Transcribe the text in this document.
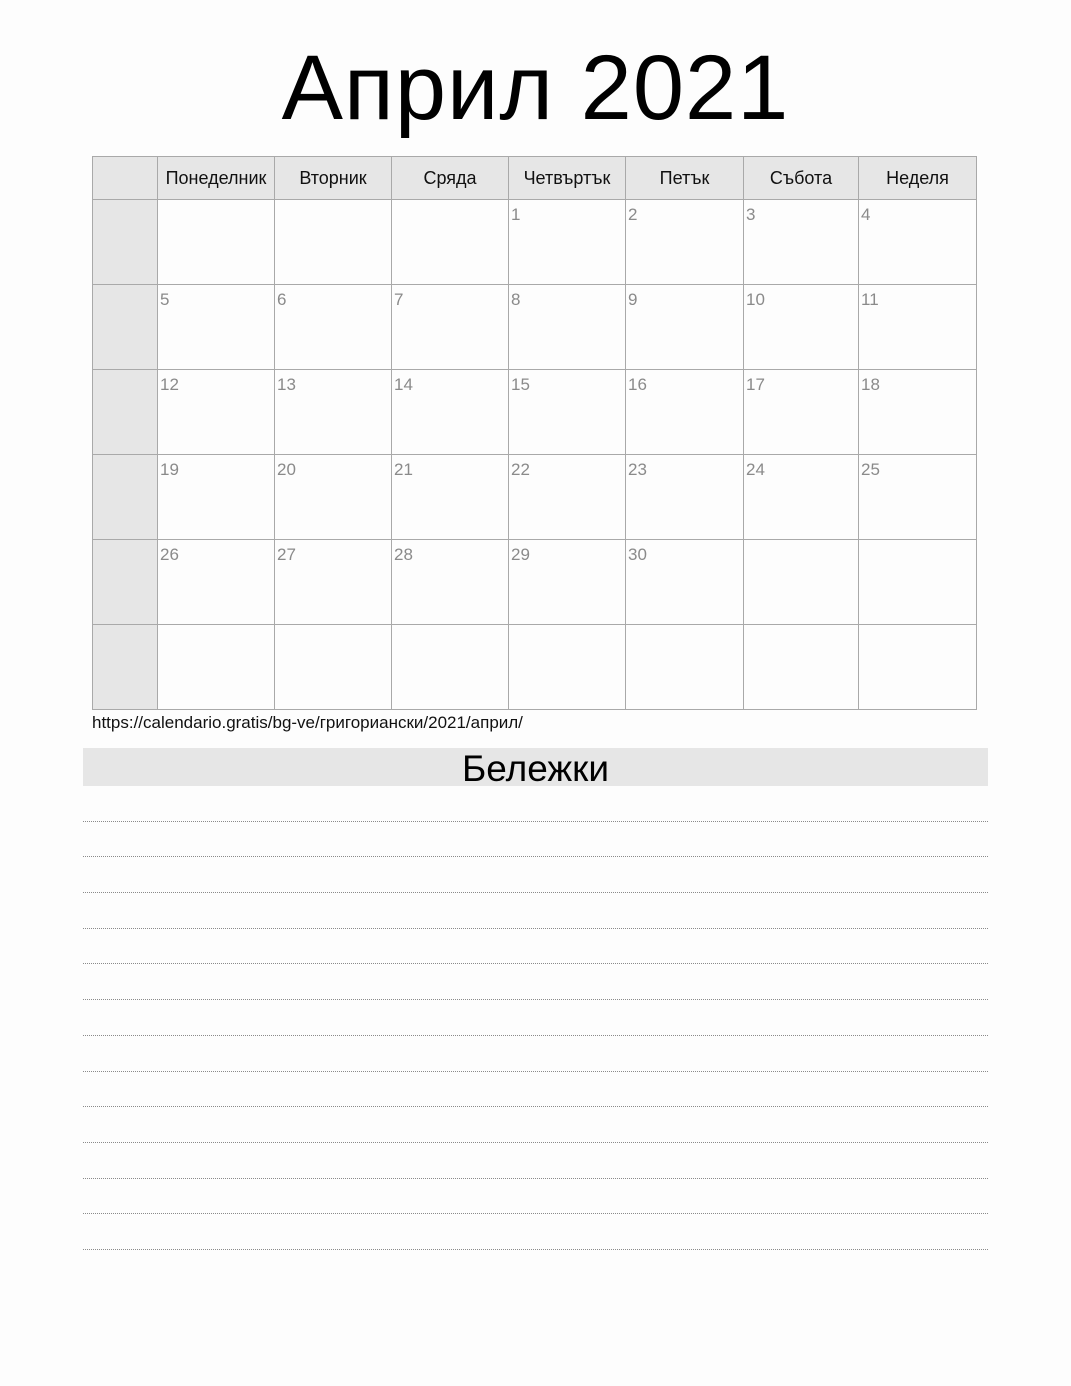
Април 2021
	Понеделник	Вторник	Сряда	Четвъртък	Петък	Събота	Неделя

				1	2	3	4

	5	6	7	8	9	10	11

	12	13	14	15	16	17	18

	19	20	21	22	23	24	25

	26	27	28	29	30		

https://calendario.gratis/bg-ve/григориански/2021/април/
Бележки
